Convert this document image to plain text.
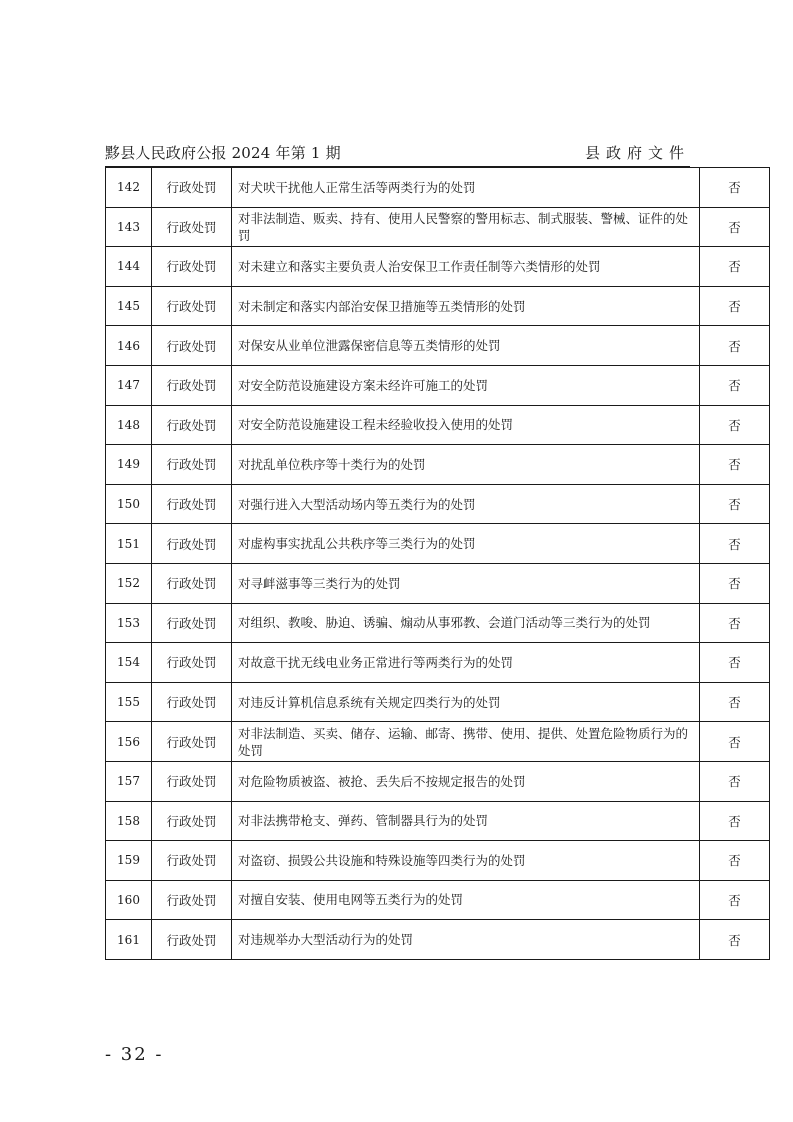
黟县人民政府公报 2024 年第 1 期	县政府文件
142	行政处罚	对犬吠干扰他人正常生活等两类行为的处罚	否
143	行政处罚	对非法制造、贩卖、持有、使用人民警察的警用标志、制式服装、警械、证件的处罚	否
144	行政处罚	对未建立和落实主要负责人治安保卫工作责任制等六类情形的处罚	否
145	行政处罚	对未制定和落实内部治安保卫措施等五类情形的处罚	否
146	行政处罚	对保安从业单位泄露保密信息等五类情形的处罚	否
147	行政处罚	对安全防范设施建设方案未经许可施工的处罚	否
148	行政处罚	对安全防范设施建设工程未经验收投入使用的处罚	否
149	行政处罚	对扰乱单位秩序等十类行为的处罚	否
150	行政处罚	对强行进入大型活动场内等五类行为的处罚	否
151	行政处罚	对虚构事实扰乱公共秩序等三类行为的处罚	否
152	行政处罚	对寻衅滋事等三类行为的处罚	否
153	行政处罚	对组织、教唆、胁迫、诱骗、煽动从事邪教、会道门活动等三类行为的处罚	否
154	行政处罚	对故意干扰无线电业务正常进行等两类行为的处罚	否
155	行政处罚	对违反计算机信息系统有关规定四类行为的处罚	否
156	行政处罚	对非法制造、买卖、储存、运输、邮寄、携带、使用、提供、处置危险物质行为的处罚	否
157	行政处罚	对危险物质被盗、被抢、丢失后不按规定报告的处罚	否
158	行政处罚	对非法携带枪支、弹药、管制器具行为的处罚	否
159	行政处罚	对盗窃、损毁公共设施和特殊设施等四类行为的处罚	否
160	行政处罚	对擅自安装、使用电网等五类行为的处罚	否
161	行政处罚	对违规举办大型活动行为的处罚	否
- 32 -
